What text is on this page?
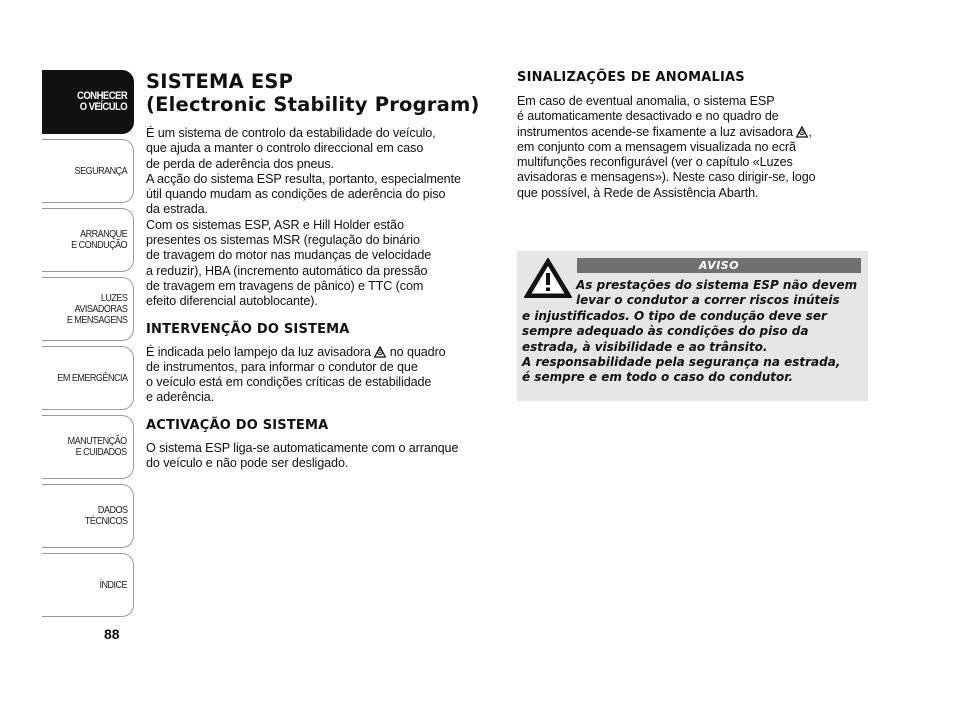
CONHECER
O VEÍCULO
SEGURANÇA
ARRANQUE
E CONDUÇÃO
LUZES
AVISADORAS
E MENSAGENS
EM EMERGÊNCIA
MANUTENÇÃO
E CUIDADOS
DADOS
TÉCNICOS
ÍNDICE
88
SISTEMA ESP
(Electronic Stability Program)

É um sistema de controlo da estabilidade do veículo,
que ajuda a manter o controlo direccional em caso
de perda de aderência dos pneus.
A acção do sistema ESP resulta, portanto, especialmente
útil quando mudam as condições de aderência do piso
da estrada.
Com os sistemas ESP, ASR e Hill Holder estão
presentes os sistemas MSR (regulação do binário
de travagem do motor nas mudanças de velocidade
a reduzir), HBA (incremento automático da pressão
de travagem em travagens de pânico) e TTC (com
efeito diferencial autoblocante).

INTERVENÇÃO DO SISTEMA

É indicada pelo lampejo da luz avisadora  no quadro
de instrumentos, para informar o condutor de que
o veículo está em condições críticas de estabilidade
e aderência.

ACTIVAÇÃO DO SISTEMA

O sistema ESP liga-se automaticamente com o arranque
do veículo e não pode ser desligado.

SINALIZAÇÕES DE ANOMALIAS

Em caso de eventual anomalia, o sistema ESP
é automaticamente desactivado e no quadro de
instrumentos acende-se fixamente a luz avisadora ,
em conjunto com a mensagem visualizada no ecrã
multifunções reconfigurável (ver o capítulo «Luzes
avisadoras e mensagens»). Neste caso dirigir-se, logo
que possível, à Rede de Assistência Abarth.

AVISO
As prestações do sistema ESP não devem
levar o condutor a correr riscos inúteis
e injustificados. O tipo de condução deve ser
sempre adequado às condições do piso da
estrada, à visibilidade e ao trânsito.
A responsabilidade pela segurança na estrada,
é sempre e em todo o caso do condutor.
